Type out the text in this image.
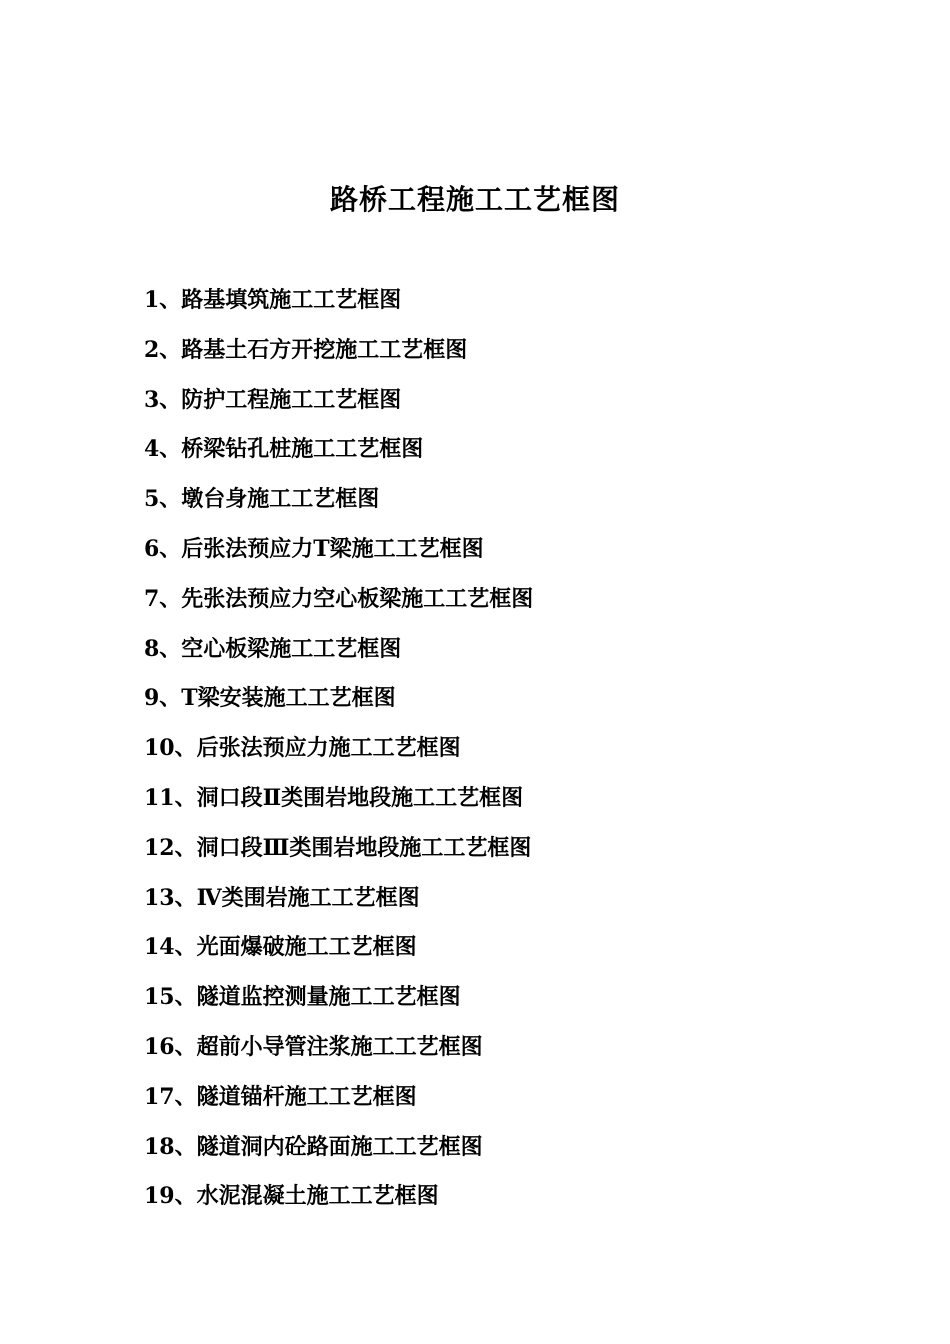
路桥工程施工工艺框图
1、路基填筑施工工艺框图
2、路基土石方开挖施工工艺框图
3、防护工程施工工艺框图
4、桥梁钻孔桩施工工艺框图
5、墩台身施工工艺框图
6、后张法预应力T梁施工工艺框图
7、先张法预应力空心板梁施工工艺框图
8、空心板梁施工工艺框图
9、T梁安装施工工艺框图
10、后张法预应力施工工艺框图
11、洞口段Ⅱ类围岩地段施工工艺框图
12、洞口段Ⅲ类围岩地段施工工艺框图
13、Ⅳ类围岩施工工艺框图
14、光面爆破施工工艺框图
15、隧道监控测量施工工艺框图
16、超前小导管注浆施工工艺框图
17、隧道锚杆施工工艺框图
18、隧道洞内砼路面施工工艺框图
19、水泥混凝土施工工艺框图
